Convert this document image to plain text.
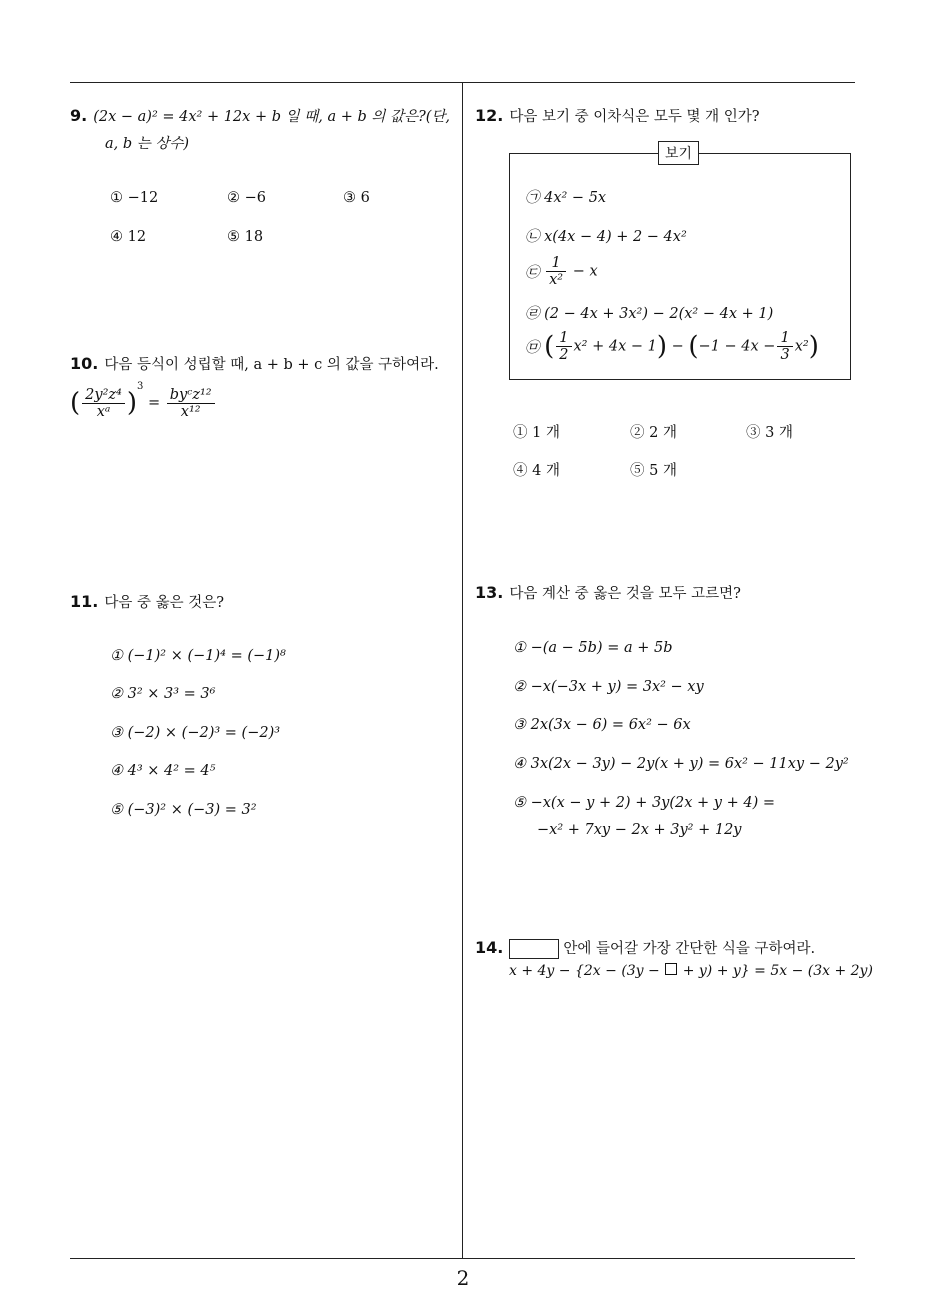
9. (2x − a)² = 4x² + 12x + b 일 때, a + b 의 값은?(단,
a, b 는 상수)
① −12	② −6	③ 6
④ 12	⑤ 18
10. 다음 등식이 성립할 때, a + b + c 의 값을 구하여라.
( $\frac{\text{2y²z⁴}}{\text{xᵃ}} )^3 = \frac{\text{byᶜz¹²}}{\text{x¹²}}$
11. 다음 중 옳은 것은?
① (−1)² × (−1)⁴ = (−1)⁸
② 3² × 3³ = 3⁶
③ (−2) × (−2)³ = (−2)³
④ 4³ × 4² = 4⁵
⑤ (−3)² × (−3) = 3²
12. 다음 보기 중 이차식은 모두 몇 개 인가?
보기
㉠ 4x² − 5x
㉡ x(4x − 4) + 2 − 4x²
㉢ $\frac{1}{\text{x²}} - x$
㉣ (2 − 4x + 3x²) − 2(x² − 4x + 1)
㉤ ( $\frac{1}{2} x^2 + 4x - 1) - (-1 - 4x - \frac{1}{3} x^2)$
① 1 개	② 2 개	③ 3 개
④ 4 개	⑤ 5 개
13. 다음 계산 중 옳은 것을 모두 고르면?
① −(a − 5b) = a + 5b
② −x(−3x + y) = 3x² − xy
③ 2x(3x − 6) = 6x² − 6x
④ 3x(2x − 3y) − 2y(x + y) = 6x² − 11xy − 2y²
⑤ −x(x − y + 2) + 3y(2x + y + 4) =
−x² + 7xy − 2x + 3y² + 12y
14.	안에 들어갈 가장 간단한 식을 구하여라.
x + 4y − {2x − (3y − + y) + y} = 5x − (3x + 2y)
2
